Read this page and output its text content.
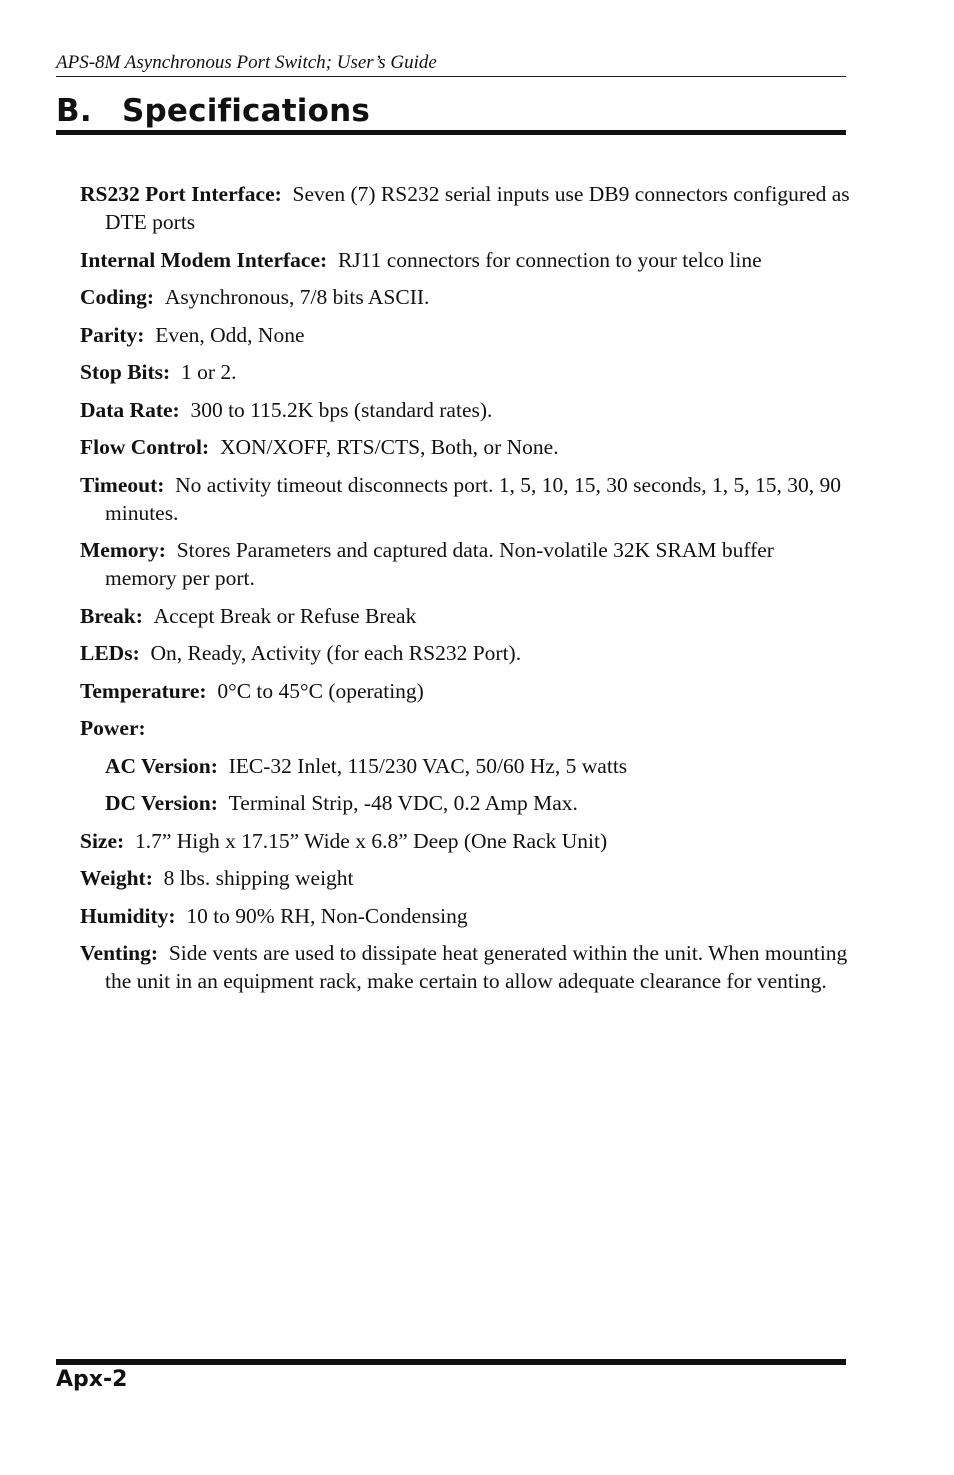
APS-8M Asynchronous Port Switch; User’s Guide
B. Specifications
RS232 Port Interface: Seven (7) RS232 serial inputs use DB9 connectors configured as DTE ports
Internal Modem Interface: RJ11 connectors for connection to your telco line
Coding: Asynchronous, 7/8 bits ASCII.
Parity: Even, Odd, None
Stop Bits: 1 or 2.
Data Rate: 300 to 115.2K bps (standard rates).
Flow Control: XON/XOFF, RTS/CTS, Both, or None.
Timeout: No activity timeout disconnects port. 1, 5, 10, 15, 30 seconds, 1, 5, 15, 30, 90 minutes.
Memory: Stores Parameters and captured data. Non-volatile 32K SRAM buffer memory per port.
Break: Accept Break or Refuse Break
LEDs: On, Ready, Activity (for each RS232 Port).
Temperature: 0°C to 45°C (operating)
Power:
AC Version: IEC-32 Inlet, 115/230 VAC, 50/60 Hz, 5 watts
DC Version: Terminal Strip, -48 VDC, 0.2 Amp Max.
Size: 1.7” High x 17.15” Wide x 6.8” Deep (One Rack Unit)
Weight: 8 lbs. shipping weight
Humidity: 10 to 90% RH, Non-Condensing
Venting: Side vents are used to dissipate heat generated within the unit. When mounting the unit in an equipment rack, make certain to allow adequate clearance for venting.
Apx-2
